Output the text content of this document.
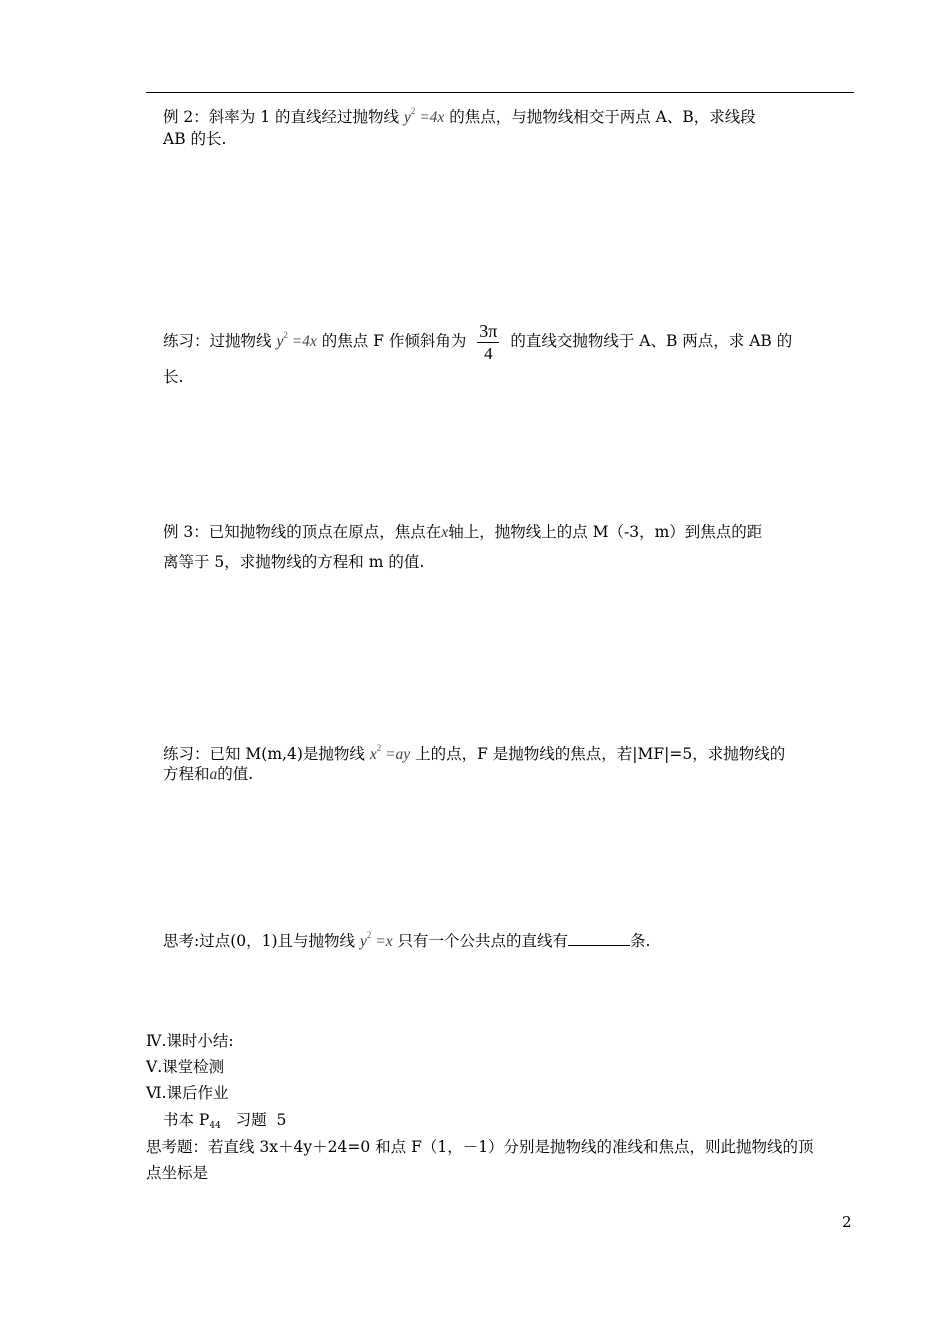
例 2：斜率为 1 的直线经过抛物线 $y^2 =4x$ 的焦点，与抛物线相交于两点 A、B，求线段
AB 的长.
练习：过抛物线 $y^2 =4x$ 的焦点 F 作倾斜角为 $\frac{3\pi}{4}$ 的直线交抛物线于 A、B 两点，求 AB 的
长.
例 3：已知抛物线的顶点在原点，焦点在x轴上，抛物线上的点 M（-3，m）到焦点的距
离等于 5，求抛物线的方程和 m 的值.
练习：已知 M(m,4)是抛物线 $x^2 =ay$ 上的点，F 是抛物线的焦点，若|MF|=5，求抛物线的
方程和a的值.
思考:过点(0，1)且与抛物线 $y^2 =x$ 只有一个公共点的直线有	条.
Ⅳ.课时小结:
Ⅴ.课堂检测
Ⅵ.课后作业
书本 $P_{44}$   习题  5
思考题：若直线 3x＋4y＋24=0 和点 F（1，－1）分别是抛物线的准线和焦点，则此抛物线的顶
点坐标是
2
